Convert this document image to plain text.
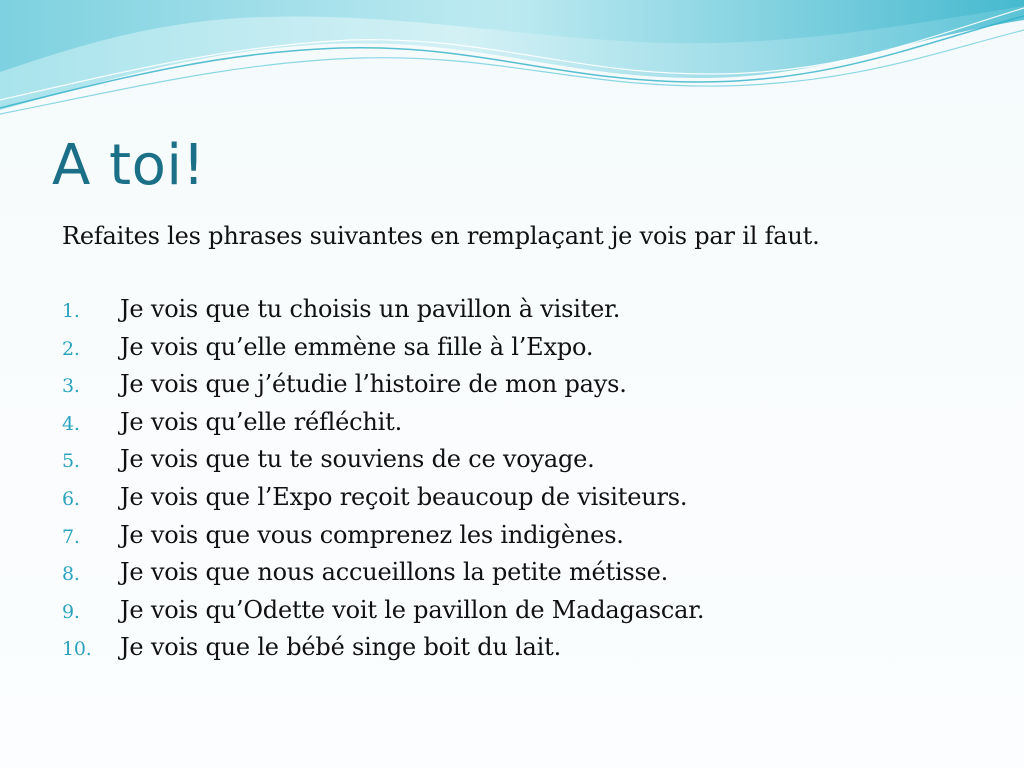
A toi!

Refaites les phrases suivantes en remplaçant je vois par il faut.

1.	Je vois que tu choisis un pavillon à visiter.
2.	Je vois qu’elle emmène sa fille à l’Expo.
3.	Je vois que j’étudie l’histoire de mon pays.
4.	Je vois qu’elle réfléchit.
5.	Je vois que tu te souviens de ce voyage.
6.	Je vois que l’Expo reçoit beaucoup de visiteurs.
7.	Je vois que vous comprenez les indigènes.
8.	Je vois que nous accueillons la petite métisse.
9.	Je vois qu’Odette voit le pavillon de Madagascar.
10.	Je vois que le bébé singe boit du lait.
